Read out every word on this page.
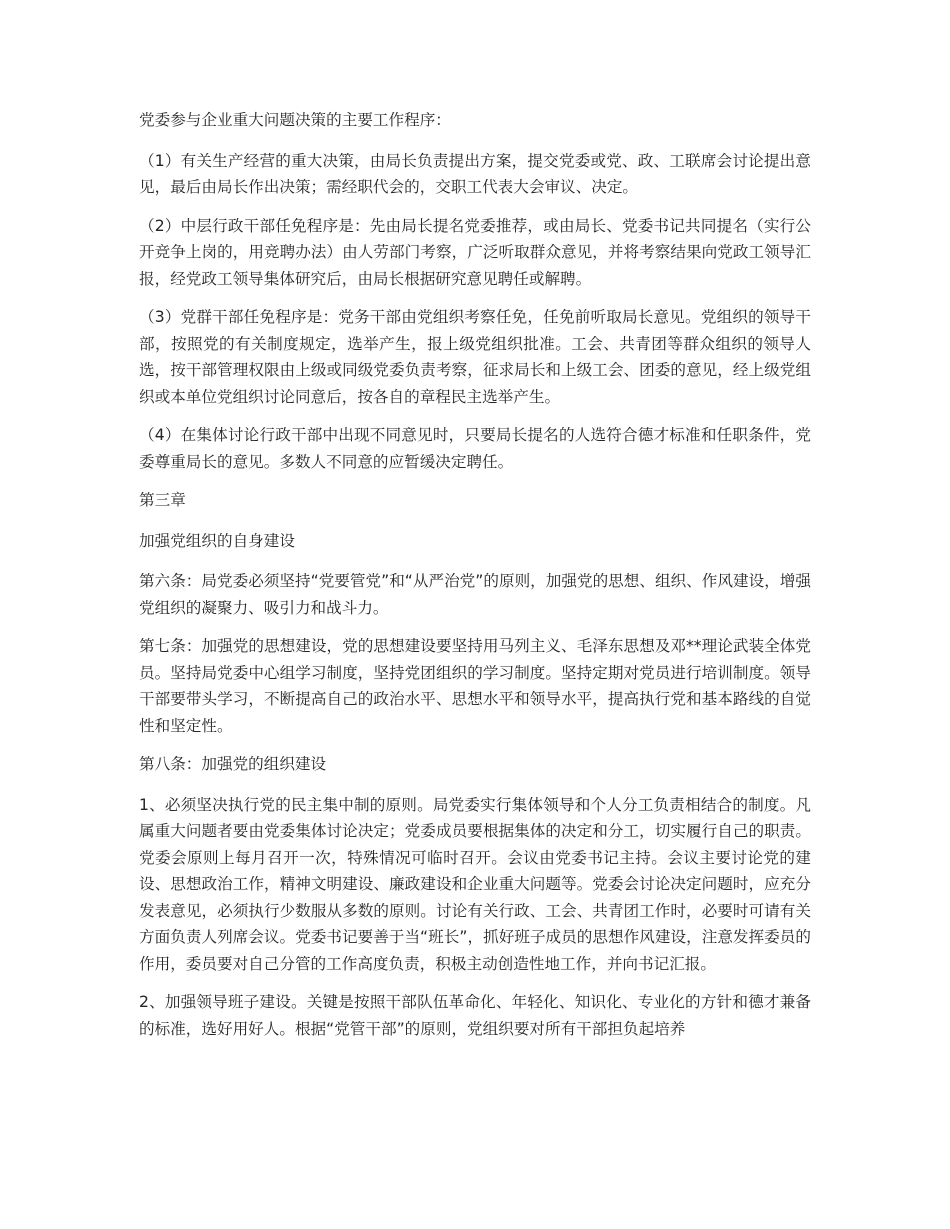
党委参与企业重大问题决策的主要工作程序：

（1）有关生产经营的重大决策，由局长负责提出方案，提交党委或党、政、工联席会讨论提出意见，最后由局长作出决策；需经职代会的，交职工代表大会审议、决定。

（2）中层行政干部任免程序是：先由局长提名党委推荐，或由局长、党委书记共同提名（实行公开竞争上岗的，用竞聘办法）由人劳部门考察，广泛听取群众意见，并将考察结果向党政工领导汇报，经党政工领导集体研究后，由局长根据研究意见聘任或解聘。

（3）党群干部任免程序是：党务干部由党组织考察任免，任免前听取局长意见。党组织的领导干部，按照党的有关制度规定，选举产生，报上级党组织批准。工会、共青团等群众组织的领导人选，按干部管理权限由上级或同级党委负责考察，征求局长和上级工会、团委的意见，经上级党组织或本单位党组织讨论同意后，按各自的章程民主选举产生。

（4）在集体讨论行政干部中出现不同意见时，只要局长提名的人选符合德才标准和任职条件，党委尊重局长的意见。多数人不同意的应暂缓决定聘任。

第三章

加强党组织的自身建设

第六条：局党委必须坚持“党要管党”和“从严治党”的原则，加强党的思想、组织、作风建设，增强党组织的凝聚力、吸引力和战斗力。

第七条：加强党的思想建设，党的思想建设要坚持用马列主义、毛泽东思想及邓**理论武装全体党员。坚持局党委中心组学习制度，坚持党团组织的学习制度。坚持定期对党员进行培训制度。领导干部要带头学习，不断提高自己的政治水平、思想水平和领导水平，提高执行党和基本路线的自觉性和坚定性。

第八条：加强党的组织建设

1、必须坚决执行党的民主集中制的原则。局党委实行集体领导和个人分工负责相结合的制度。凡属重大问题者要由党委集体讨论决定；党委成员要根据集体的决定和分工，切实履行自己的职责。党委会原则上每月召开一次，特殊情况可临时召开。会议由党委书记主持。会议主要讨论党的建设、思想政治工作，精神文明建设、廉政建设和企业重大问题等。党委会讨论决定问题时，应充分发表意见，必须执行少数服从多数的原则。讨论有关行政、工会、共青团工作时，必要时可请有关方面负责人列席会议。党委书记要善于当“班长”，抓好班子成员的思想作风建设，注意发挥委员的作用，委员要对自己分管的工作高度负责，积极主动创造性地工作，并向书记汇报。

2、加强领导班子建设。关键是按照干部队伍革命化、年轻化、知识化、专业化的方针和德才兼备的标准，选好用好人。根据“党管干部”的原则，党组织要对所有干部担负起培养
